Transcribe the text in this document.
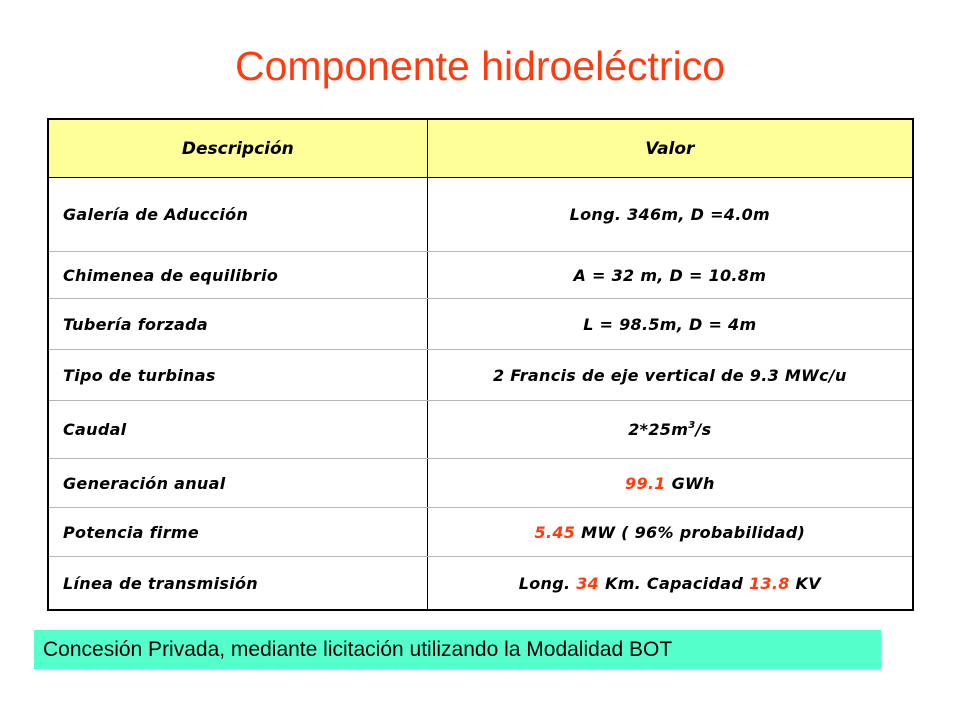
Componente hidroeléctrico
Descripción	Valor
Galería de Aducción	Long. 346m, D =4.0m
Chimenea de equilibrio	A = 32 m, D = 10.8m
Tubería forzada	L = 98.5m, D = 4m
Tipo de turbinas	2 Francis de eje vertical de 9.3 MWc/u
Caudal	$2*25m^3/s$
Generación anual	99.1 GWh
Potencia firme	5.45 MW ( 96% probabilidad)
Línea de transmisión	Long. 34 Km. Capacidad 13.8 KV
Concesión Privada, mediante licitación utilizando la Modalidad BOT
